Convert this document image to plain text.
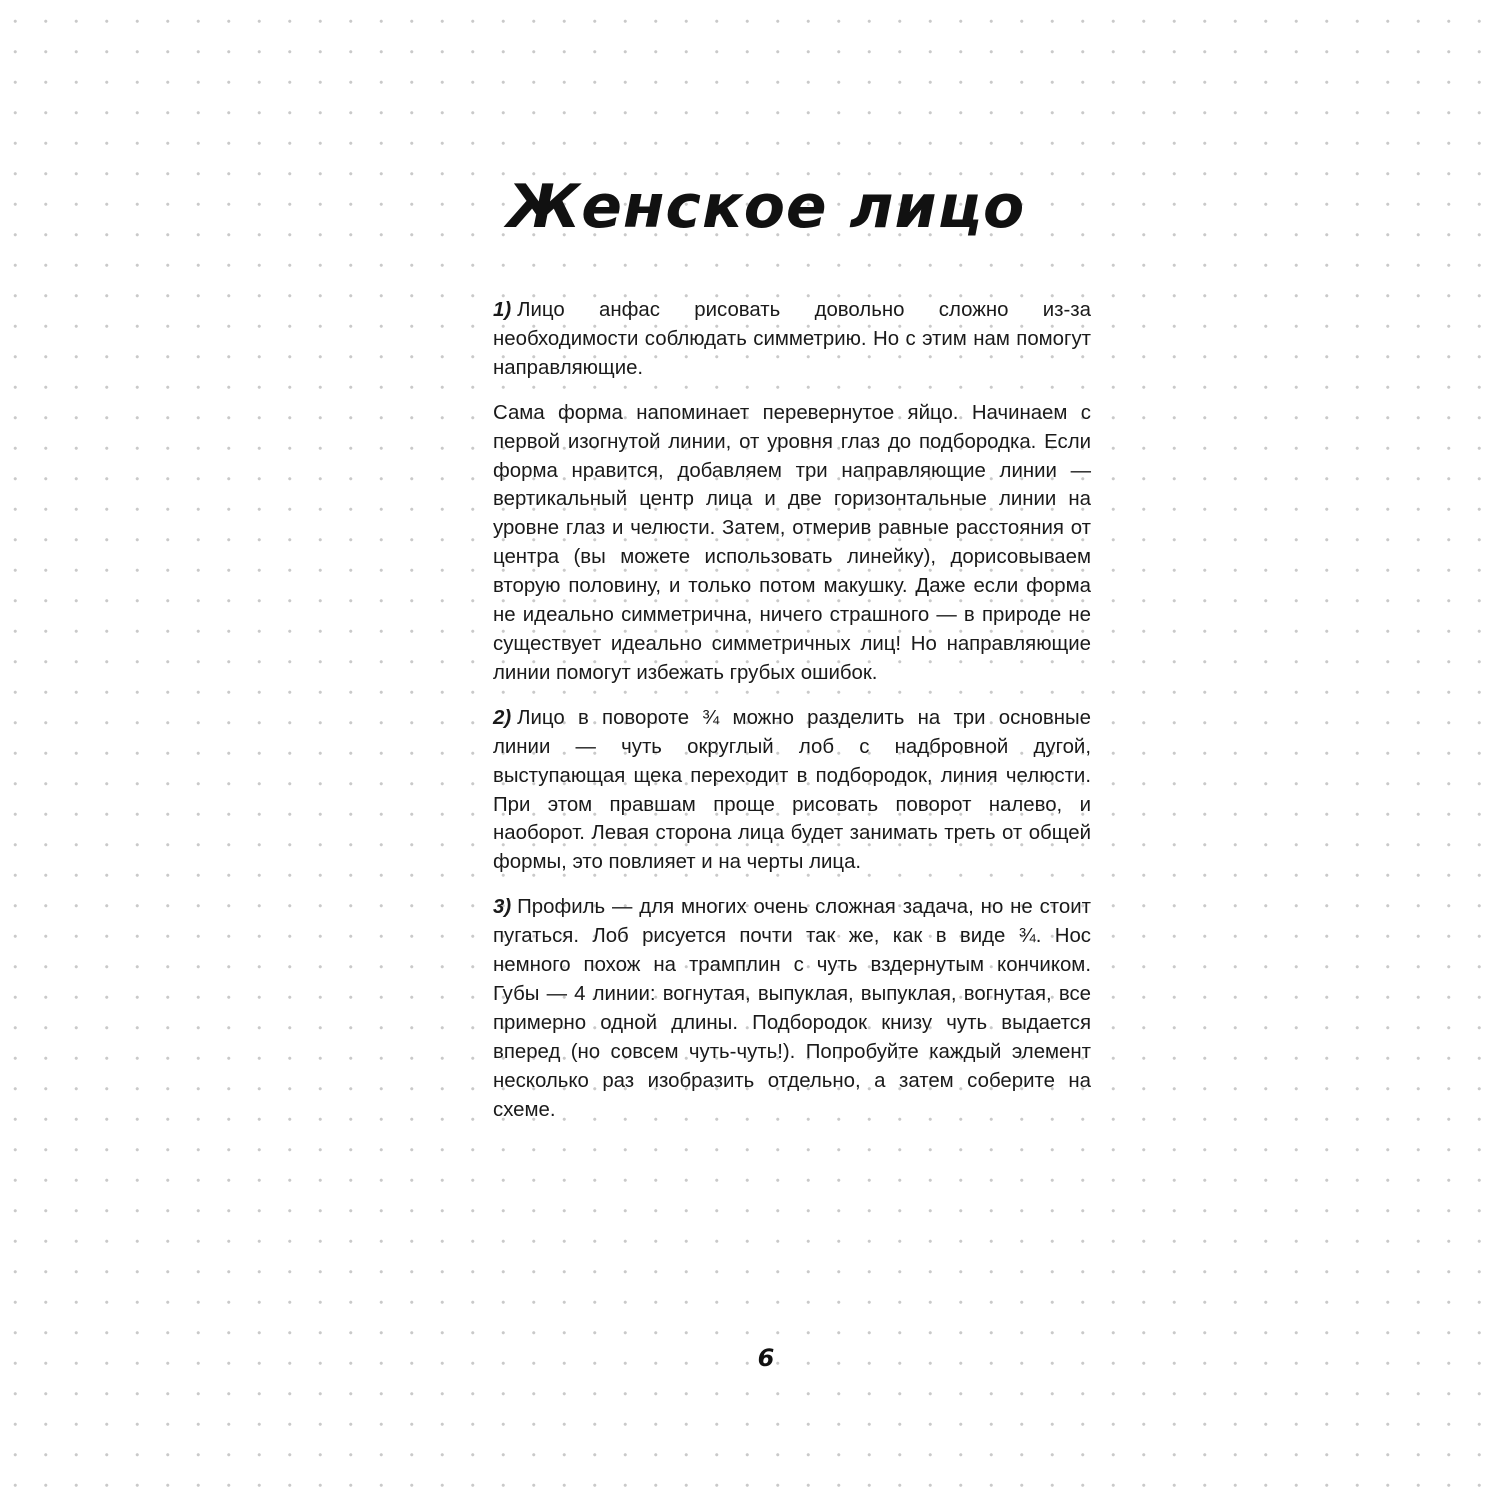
Женское лицо

1) Лицо анфас рисовать довольно сложно из-за необходимости соблюдать симметрию. Но с этим нам помогут направляющие.

Сама форма напоминает перевернутое яйцо. Начинаем с первой изогнутой линии, от уровня глаз до подбородка. Если форма нравится, добавляем три направляющие линии — вертикальный центр лица и две горизонтальные линии на уровне глаз и челюсти. Затем, отмерив равные расстояния от центра (вы можете использовать линейку), дорисовываем вторую половину, и только потом макушку. Даже если форма не идеально симметрична, ничего страшного — в природе не существует идеально симметричных лиц! Но направляющие линии помогут избежать грубых ошибок.

2) Лицо в повороте ¾ можно разделить на три основные линии — чуть округлый лоб с надбровной дугой, выступающая щека переходит в подбородок, линия челюсти. При этом правшам проще рисовать поворот налево, и наоборот. Левая сторона лица будет занимать треть от общей формы, это повлияет и на черты лица.

3) Профиль — для многих очень сложная задача, но не стоит пугаться. Лоб рисуется почти так же, как в виде ¾. Нос немного похож на трамплин с чуть вздернутым кончиком. Губы — 4 линии: вогнутая, выпуклая, выпуклая, вогнутая, все примерно одной длины. Подбородок книзу чуть выдается вперед (но совсем чуть-чуть!). Попробуйте каждый элемент несколько раз изобразить отдельно, а затем соберите на схеме.

6
